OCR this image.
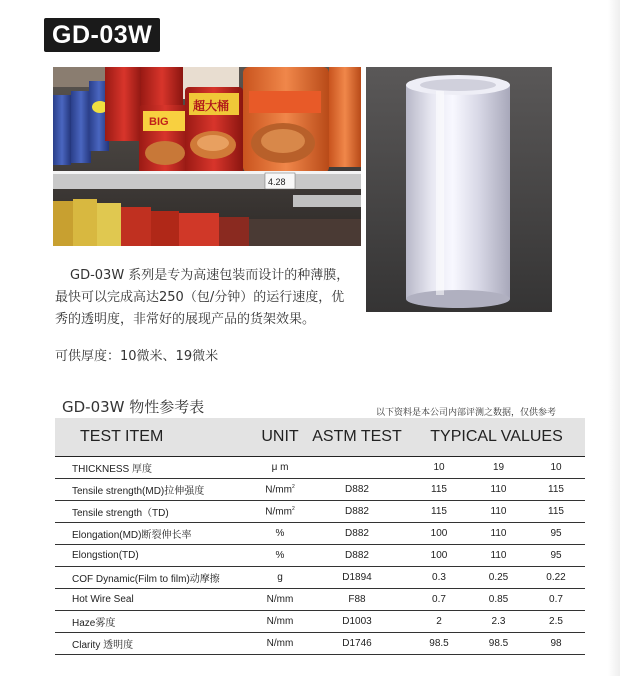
GD-03W
BIG
超大桶
4.28

GD-03W 系列是专为高速包装而设计的种薄膜，

最快可以完成高达250（包/分钟）的运行速度，优

秀的透明度，非常好的展现产品的货架效果。

可供厚度：10微米、19微米
GD-03W 物性参考表	以下资料是本公司内部评测之数据，仅供参考
TEST ITEM	UNIT	ASTM TEST	TYPICAL VALUES		
THICKNESS 厚度	μ m		10	19	10
Tensile strength(MD)拉伸强度	$N/mm^2$	D882	115	110	115
Tensile strength（TD)	$N/mm^2$	D882	115	110	115
Elongation(MD)断裂伸长率	%	D882	100	110	95
Elongstion(TD)	%	D882	100	110	95
COF Dynamic(Film to film)动摩擦	g	D1894	0.3	0.25	0.22
Hot Wire Seal	N/mm	F88	0.7	0.85	0.7
Haze雾度	N/mm	D1003	2	2.3	2.5
Clarity 透明度	N/mm	D1746	98.5	98.5	98
